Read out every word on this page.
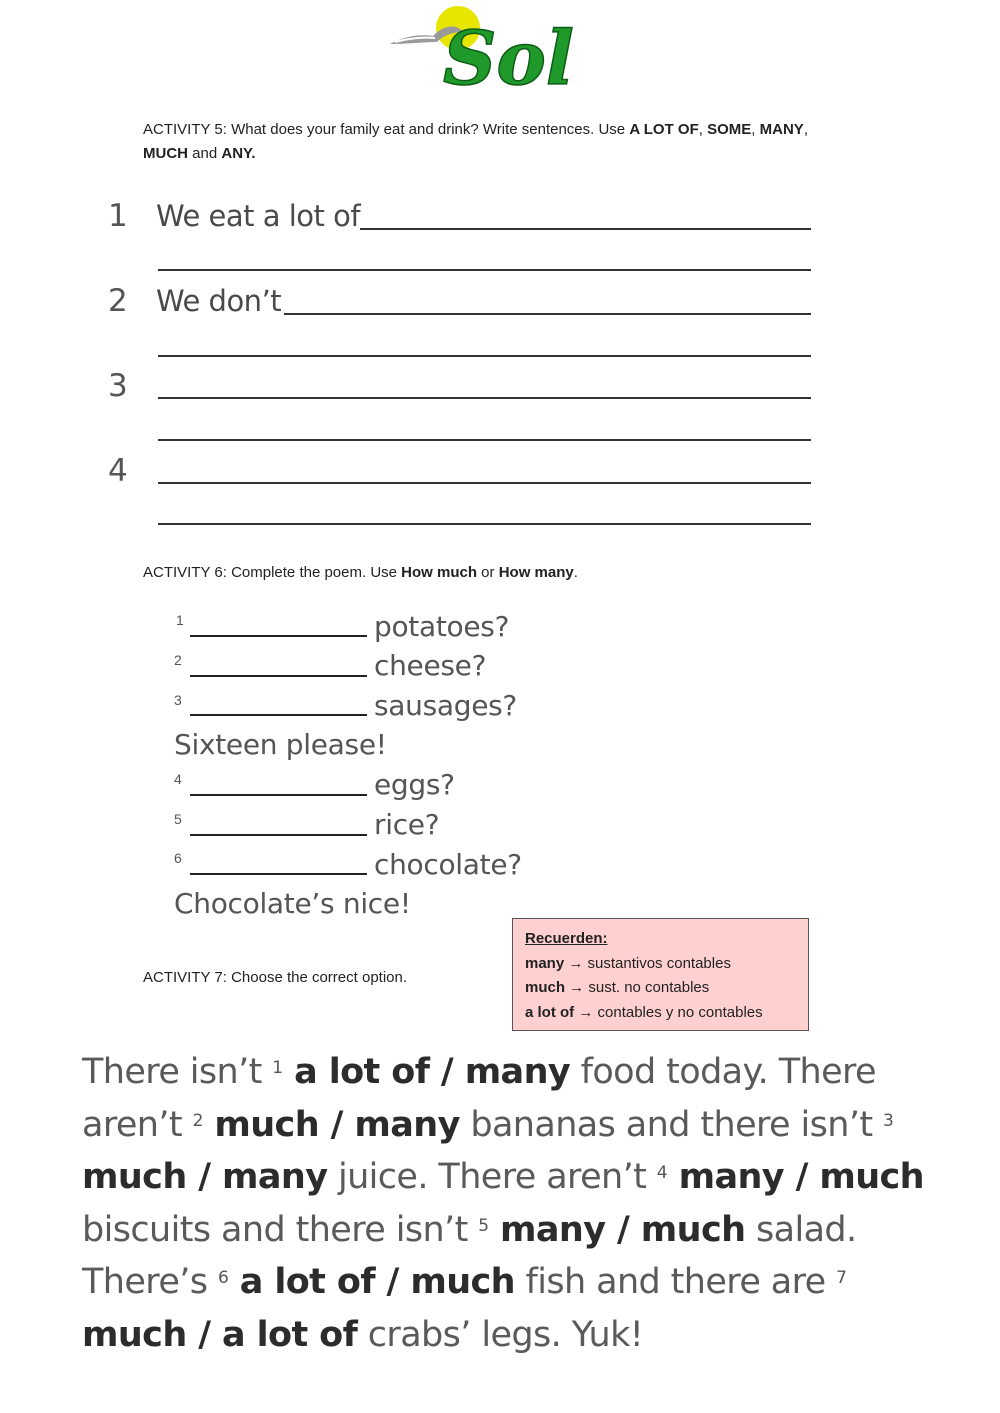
Sol
ACTIVITY 5: What does your family eat and drink? Write sentences. Use A LOT OF, SOME, MANY, MUCH and ANY.
1 We eat a lot of
2 We don’t
3
4
ACTIVITY 6: Complete the poem. Use How much or How many.
1	potatoes?
2	cheese?
3	sausages?
Sixteen please!
4	eggs?
5	rice?
6	chocolate?
Chocolate’s nice!
Recuerden:
many → sustantivos contables
much → sust. no contables
a lot of → contables y no contables
ACTIVITY 7: Choose the correct option.
There isn’t $^1$ a lot of / many food today. There aren’t $^2$ much / many bananas and there isn’t $^3$ much / many juice. There aren’t $^4$ many / much biscuits and there isn’t $^5$ many / much salad. There’s $^6$ a lot of / much fish and there are $^7$ much / a lot of crabs’ legs. Yuk!
